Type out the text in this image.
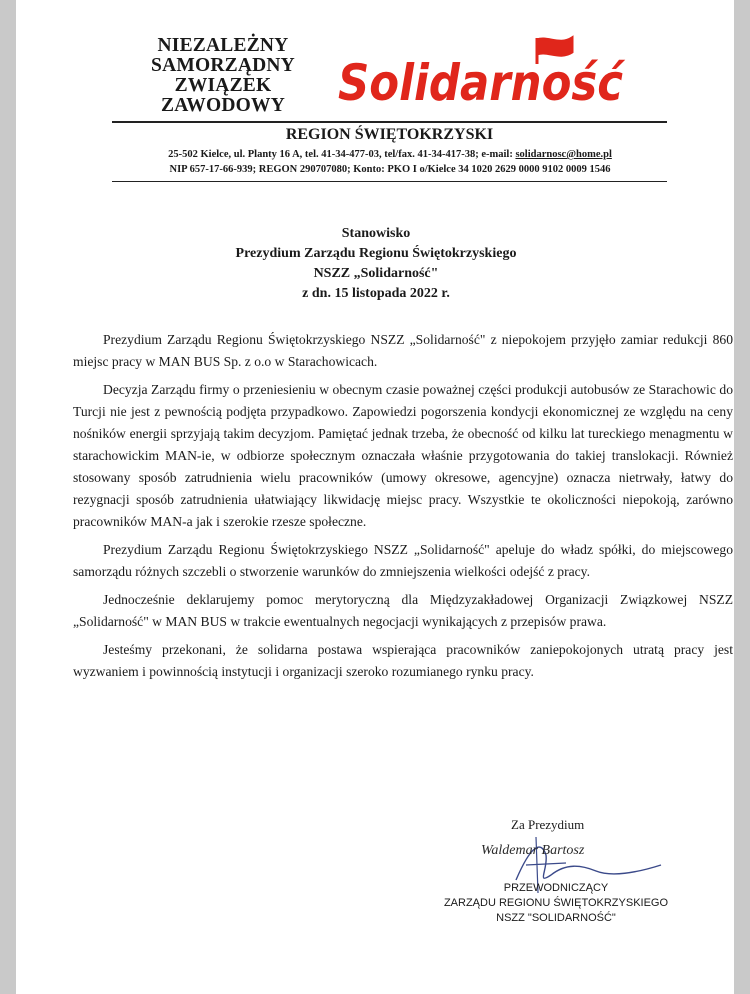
NIEZALEŻNY
SAMORZĄDNY
ZWIĄZEK
ZAWODOWY	Solidarność
REGION ŚWIĘTOKRZYSKI
25-502 Kielce, ul. Planty 16 A, tel. 41-34-477-03, tel/fax. 41-34-417-38; e-mail: solidarnosc@home.pl
NIP 657-17-66-939; REGON 290707080; Konto: PKO I o/Kielce 34 1020 2629 0000 9102 0009 1546
Stanowisko
Prezydium Zarządu Regionu Świętokrzyskiego
NSZZ „Solidarność"
z dn. 15 listopada 2022 r.

Prezydium Zarządu Regionu Świętokrzyskiego NSZZ „Solidarność" z niepokojem przyjęło zamiar redukcji 860 miejsc pracy w MAN BUS Sp. z o.o w Starachowicach.

Decyzja Zarządu firmy o przeniesieniu w obecnym czasie poważnej części produkcji autobusów ze Starachowic do Turcji nie jest z pewnością podjęta przypadkowo. Zapowiedzi pogorszenia kondycji ekonomicznej ze względu na ceny nośników energii sprzyjają takim decyzjom. Pamiętać jednak trzeba, że obecność od kilku lat tureckiego menagmentu w starachowickim MAN-ie, w odbiorze społecznym oznaczała właśnie przygotowania do takiej translokacji. Również stosowany sposób zatrudnienia wielu pracowników (umowy okresowe, agencyjne) oznacza nietrwały, łatwy do rezygnacji sposób zatrudnienia ułatwiający likwidację miejsc pracy. Wszystkie te okoliczności niepokoją, zarówno pracowników MAN-a jak i szerokie rzesze społeczne.

Prezydium Zarządu Regionu Świętokrzyskiego NSZZ „Solidarność" apeluje do władz spółki, do miejscowego samorządu różnych szczebli o stworzenie warunków do zmniejszenia wielkości odejść z pracy.

Jednocześnie deklarujemy pomoc merytoryczną dla Międzyzakładowej Organizacji Związkowej NSZZ „Solidarność" w MAN BUS w trakcie ewentualnych negocjacji wynikających z przepisów prawa.

Jesteśmy przekonani, że solidarna postawa wspierająca pracowników zaniepokojonych utratą pracy jest wyzwaniem i powinnością instytucji i organizacji szeroko rozumianego rynku pracy.

Za Prezydium
Waldemar Bartosz
PRZEWODNICZĄCY
ZARZĄDU REGIONU ŚWIĘTOKRZYSKIEGO
NSZZ "SOLIDARNOŚĆ"
